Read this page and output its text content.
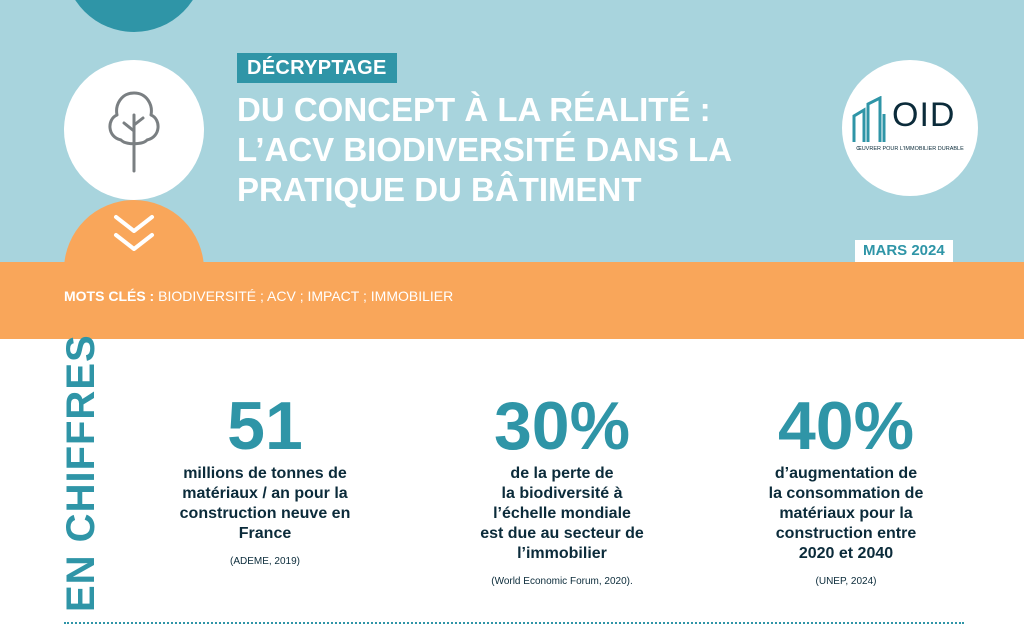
DÉCRYPTAGE
DU CONCEPT À LA RÉALITÉ :
L’ACV BIODIVERSITÉ DANS LA
PRATIQUE DU BÂTIMENT
OID
ŒUVRER POUR L’IMMOBILIER DURABLE
MARS 2024
MOTS CLÉS : BIODIVERSITÉ ; ACV ; IMPACT ; IMMOBILIER
EN CHIFFRES	51
millions de tonnes de
matériaux / an pour la
construction neuve en
France
(ADEME, 2019)
30%
de la perte de
la biodiversité à
l’échelle mondiale
est due au secteur de
l’immobilier
(World Economic Forum, 2020).
40%
d’augmentation de
la consommation de
matériaux pour la
construction entre
2020 et 2040
(UNEP, 2024)
